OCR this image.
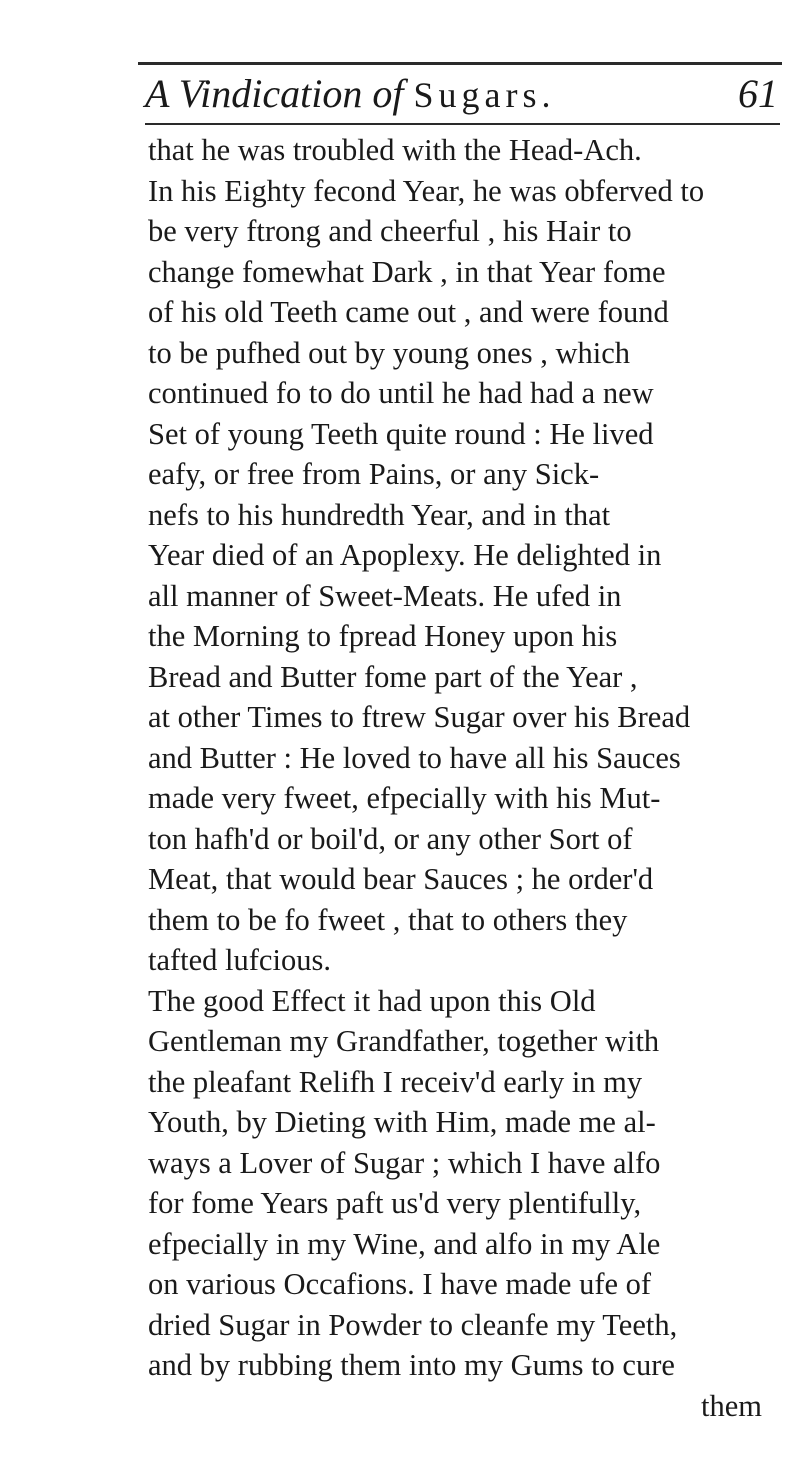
A Vindication of Sugars.	61
that he was troubled with the Head-Ach.
In his Eighty fecond Year, he was obferved to
be very ftrong and cheerful , his Hair to
change fomewhat Dark , in that Year fome
of his old Teeth came out , and were found
to be pufhed out by young ones , which
continued fo to do until he had had a new
Set of young Teeth quite round : He lived
eafy, or free from Pains, or any Sick-
nefs to his hundredth Year, and in that
Year died of an Apoplexy. He delighted in
all manner of Sweet-Meats. He ufed in
the Morning to fpread Honey upon his
Bread and Butter fome part of the Year ,
at other Times to ftrew Sugar over his Bread
and Butter : He loved to have all his Sauces
made very fweet, efpecially with his Mut-
ton hafh'd or boil'd, or any other Sort of
Meat, that would bear Sauces ; he order'd
them to be fo fweet , that to others they
tafted lufcious.
The good Effect it had upon this Old
Gentleman my Grandfather, together with
the pleafant Relifh I receiv'd early in my
Youth, by Dieting with Him, made me al-
ways a Lover of Sugar ; which I have alfo
for fome Years paft us'd very plentifully,
efpecially in my Wine, and alfo in my Ale
on various Occafions. I have made ufe of
dried Sugar in Powder to cleanfe my Teeth,
and by rubbing them into my Gums to cure
them
